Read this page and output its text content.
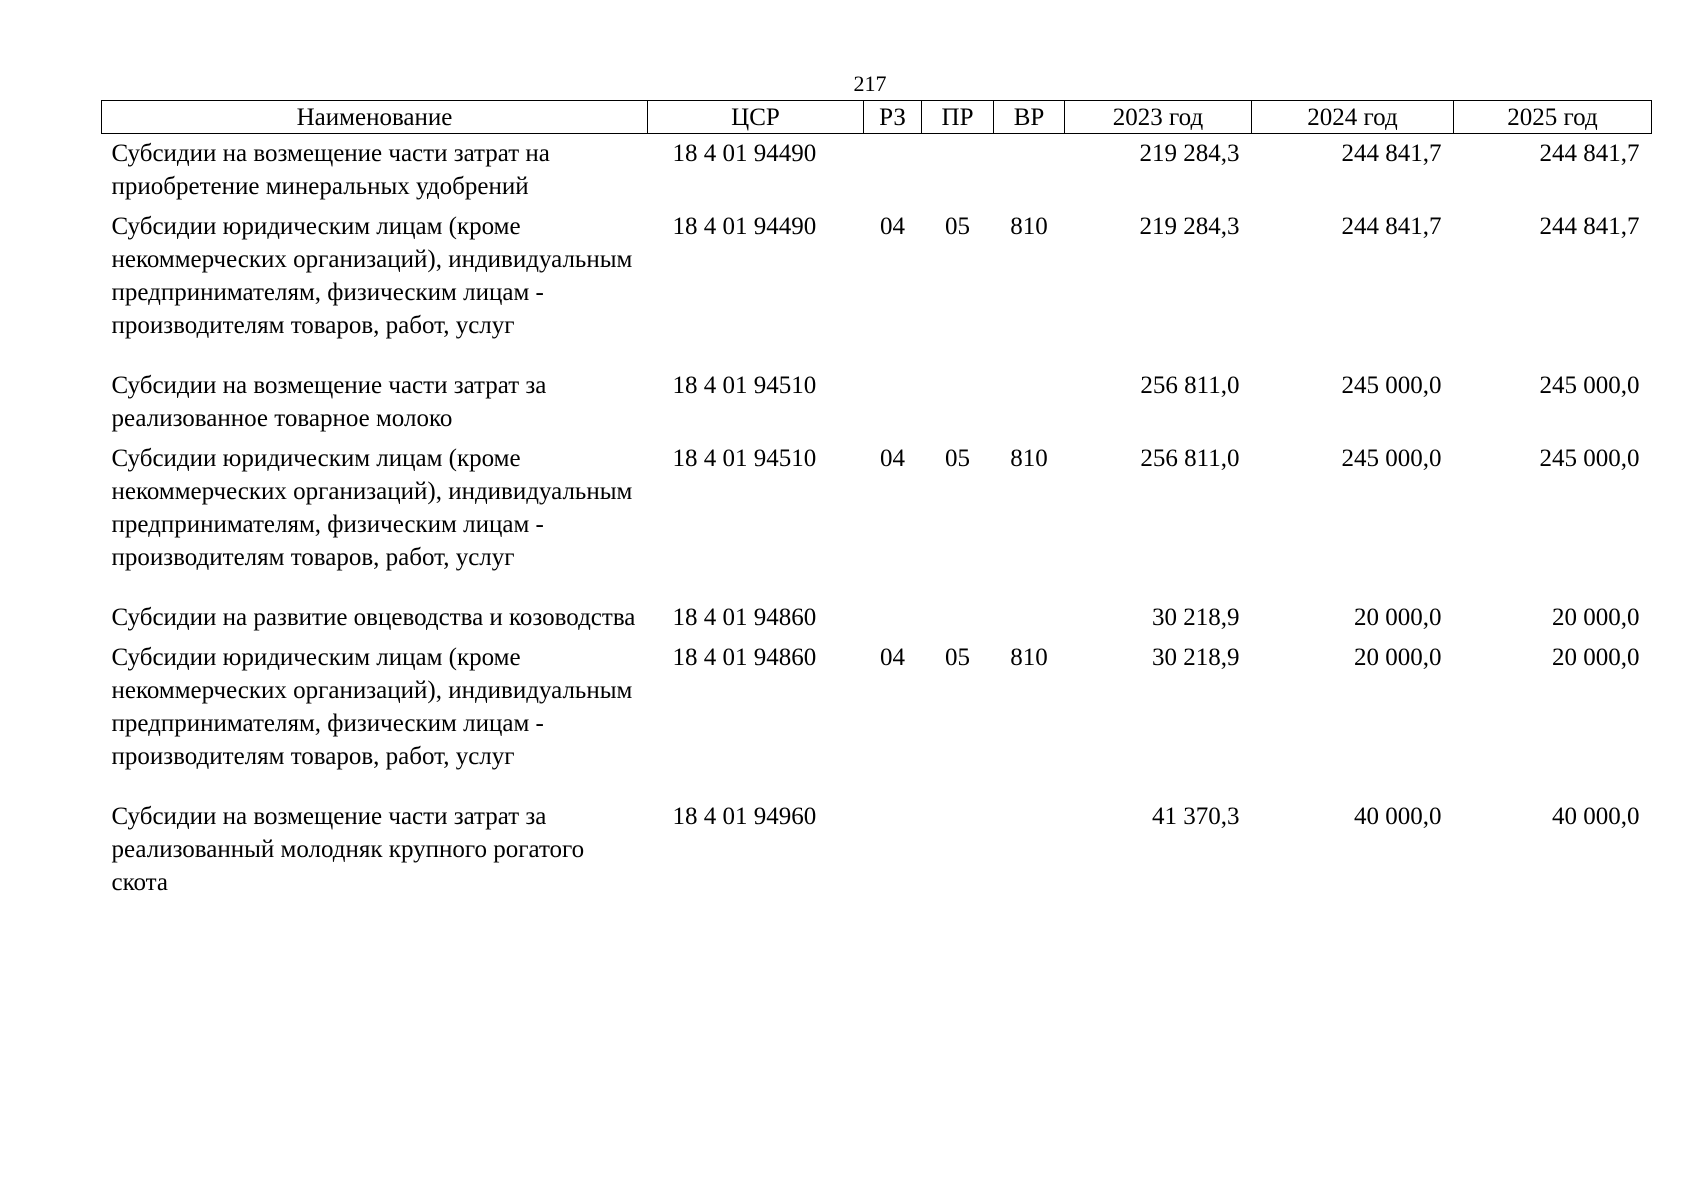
217
Наименование	ЦСР	РЗ	ПР	ВР	2023 год	2024 год	2025 год
Субсидии на возмещение части затрат на приобретение минеральных удобрений	18 4 01 94490				219 284,3	244 841,7	244 841,7
Субсидии юридическим лицам (кроме некоммерческих организаций), индивидуальным предпринимателям, физическим лицам - производителям товаров, работ, услуг	18 4 01 94490	04	05	810	219 284,3	244 841,7	244 841,7
Субсидии на возмещение части затрат за реализованное товарное молоко	18 4 01 94510				256 811,0	245 000,0	245 000,0
Субсидии юридическим лицам (кроме некоммерческих организаций), индивидуальным предпринимателям, физическим лицам - производителям товаров, работ, услуг	18 4 01 94510	04	05	810	256 811,0	245 000,0	245 000,0
Субсидии на развитие овцеводства и козоводства	18 4 01 94860				30 218,9	20 000,0	20 000,0
Субсидии юридическим лицам (кроме некоммерческих организаций), индивидуальным предпринимателям, физическим лицам - производителям товаров, работ, услуг	18 4 01 94860	04	05	810	30 218,9	20 000,0	20 000,0
Субсидии на возмещение части затрат за реализованный молодняк крупного рогатого скота	18 4 01 94960				41 370,3	40 000,0	40 000,0
